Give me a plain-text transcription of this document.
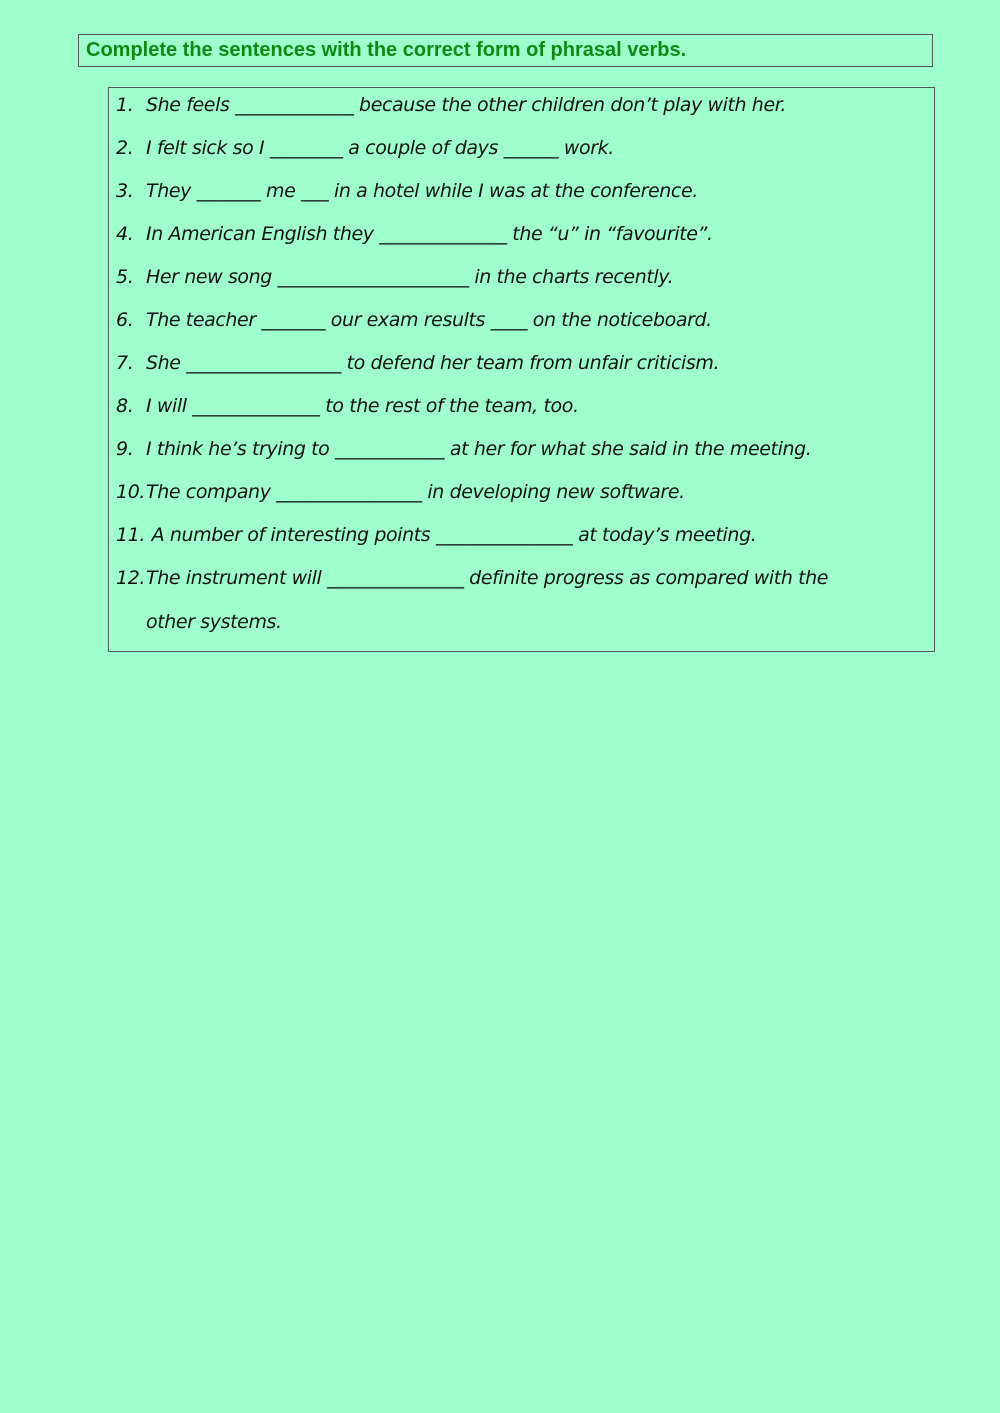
Complete the sentences with the correct form of phrasal verbs.
1. She feels _____________ because the other children don’t play with her.
2. I felt sick so I ________ a couple of days ______ work.
3. They _______ me ___ in a hotel while I was at the conference.
4. In American English they ______________ the “u” in “favourite”.
5. Her new song _____________________ in the charts recently.
6. The teacher _______ our exam results ____ on the noticeboard.
7. She _________________ to defend her team from unfair criticism.
8. I will ______________ to the rest of the team, too.
9. I think he’s trying to ____________ at her for what she said in the meeting.
10.The company ________________ in developing new software.
11. A number of interesting points _______________ at today’s meeting.
12.The instrument will _______________ definite progress as compared with the
other systems.
